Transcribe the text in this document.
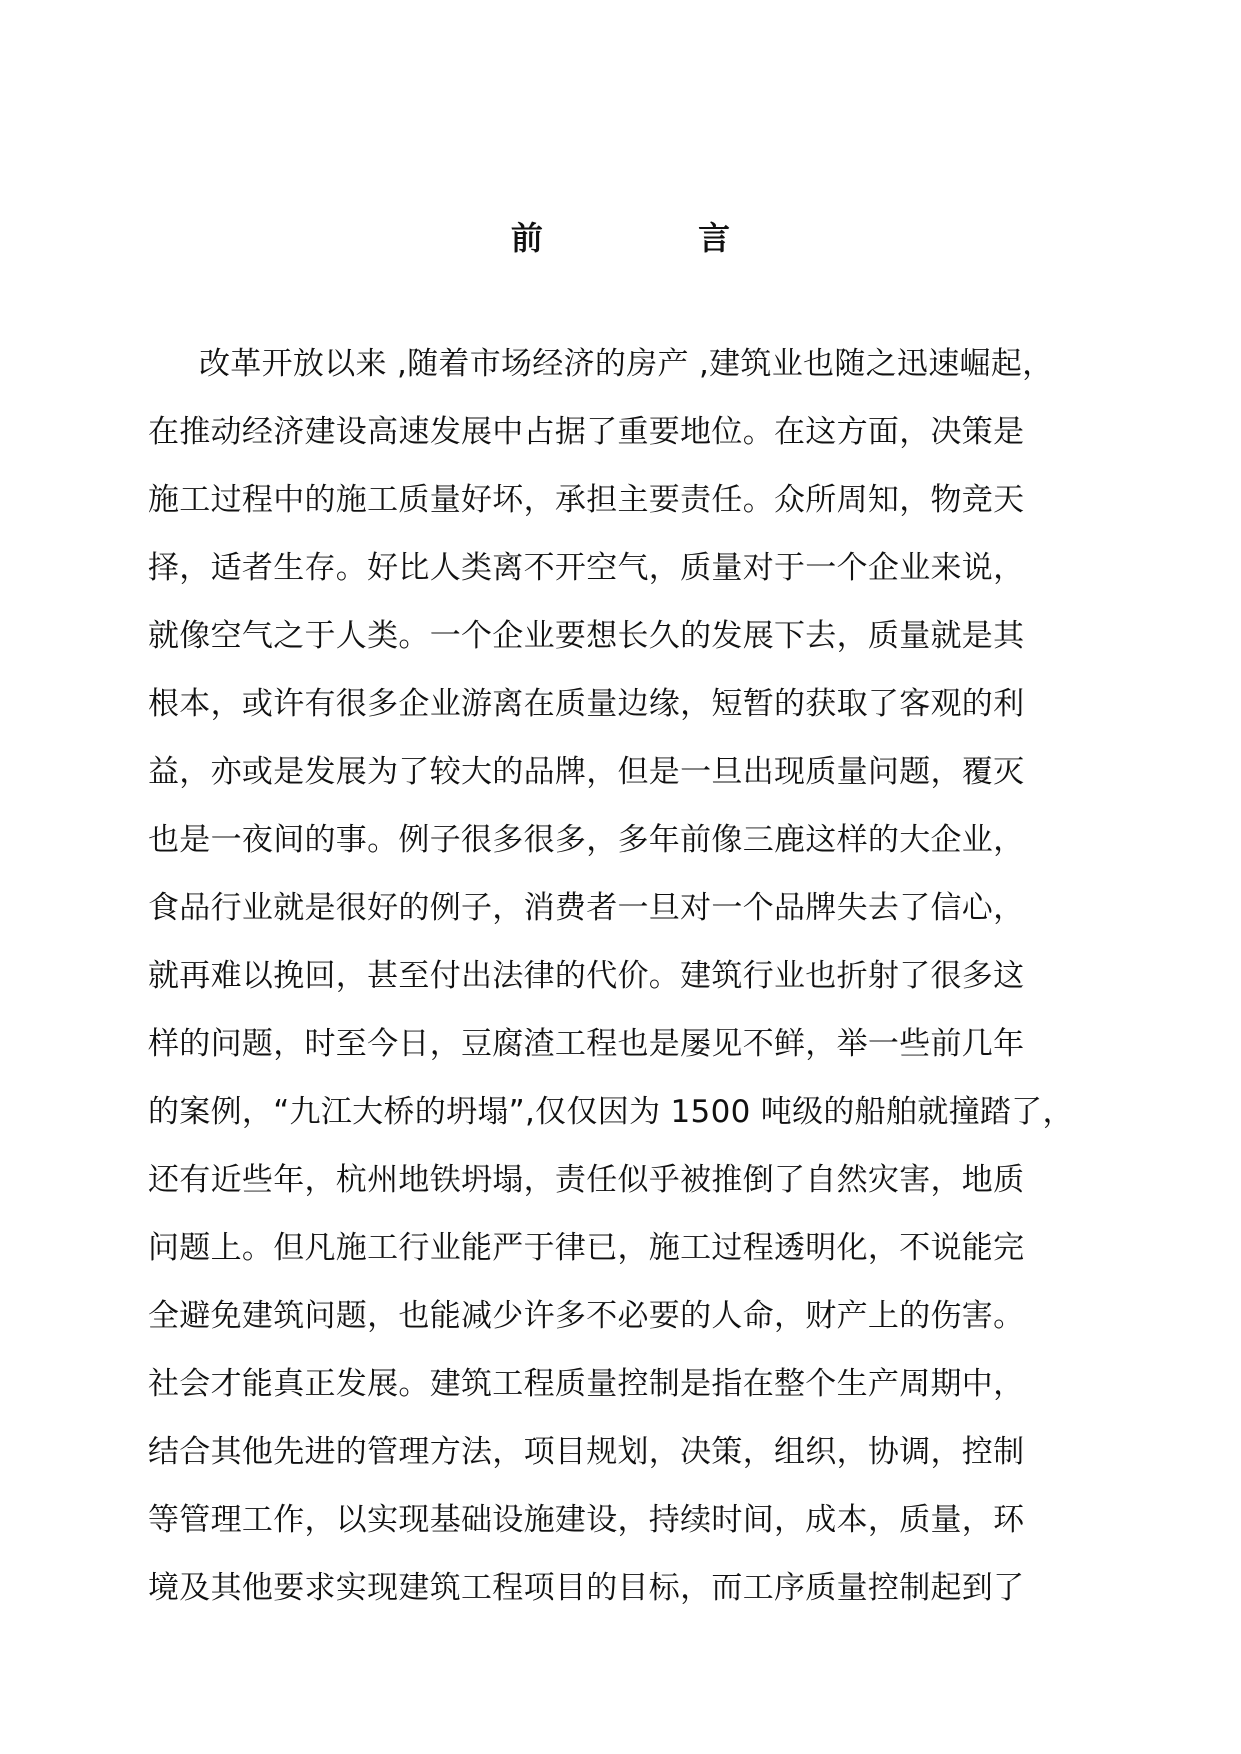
前 言
改革开放以来 ,随着市场经济的房产 ,建筑业也随之迅速崛起，
在推动经济建设高速发展中占据了重要地位。在这方面，决策是
施工过程中的施工质量好坏，承担主要责任。众所周知，物竞天
择，适者生存。好比人类离不开空气，质量对于一个企业来说，
就像空气之于人类。一个企业要想长久的发展下去，质量就是其
根本，或许有很多企业游离在质量边缘，短暂的获取了客观的利
益，亦或是发展为了较大的品牌，但是一旦出现质量问题，覆灭
也是一夜间的事。例子很多很多，多年前像三鹿这样的大企业，
食品行业就是很好的例子，消费者一旦对一个品牌失去了信心，
就再难以挽回，甚至付出法律的代价。建筑行业也折射了很多这
样的问题，时至今日，豆腐渣工程也是屡见不鲜，举一些前几年
的案例，“九江大桥的坍塌”,仅仅因为 1500 吨级的船舶就撞踏了，
还有近些年，杭州地铁坍塌，责任似乎被推倒了自然灾害，地质
问题上。但凡施工行业能严于律已，施工过程透明化，不说能完
全避免建筑问题，也能减少许多不必要的人命，财产上的伤害。
社会才能真正发展。建筑工程质量控制是指在整个生产周期中，
结合其他先进的管理方法，项目规划，决策，组织，协调，控制
等管理工作，以实现基础设施建设，持续时间，成本，质量，环
境及其他要求实现建筑工程项目的目标，而工序质量控制起到了
